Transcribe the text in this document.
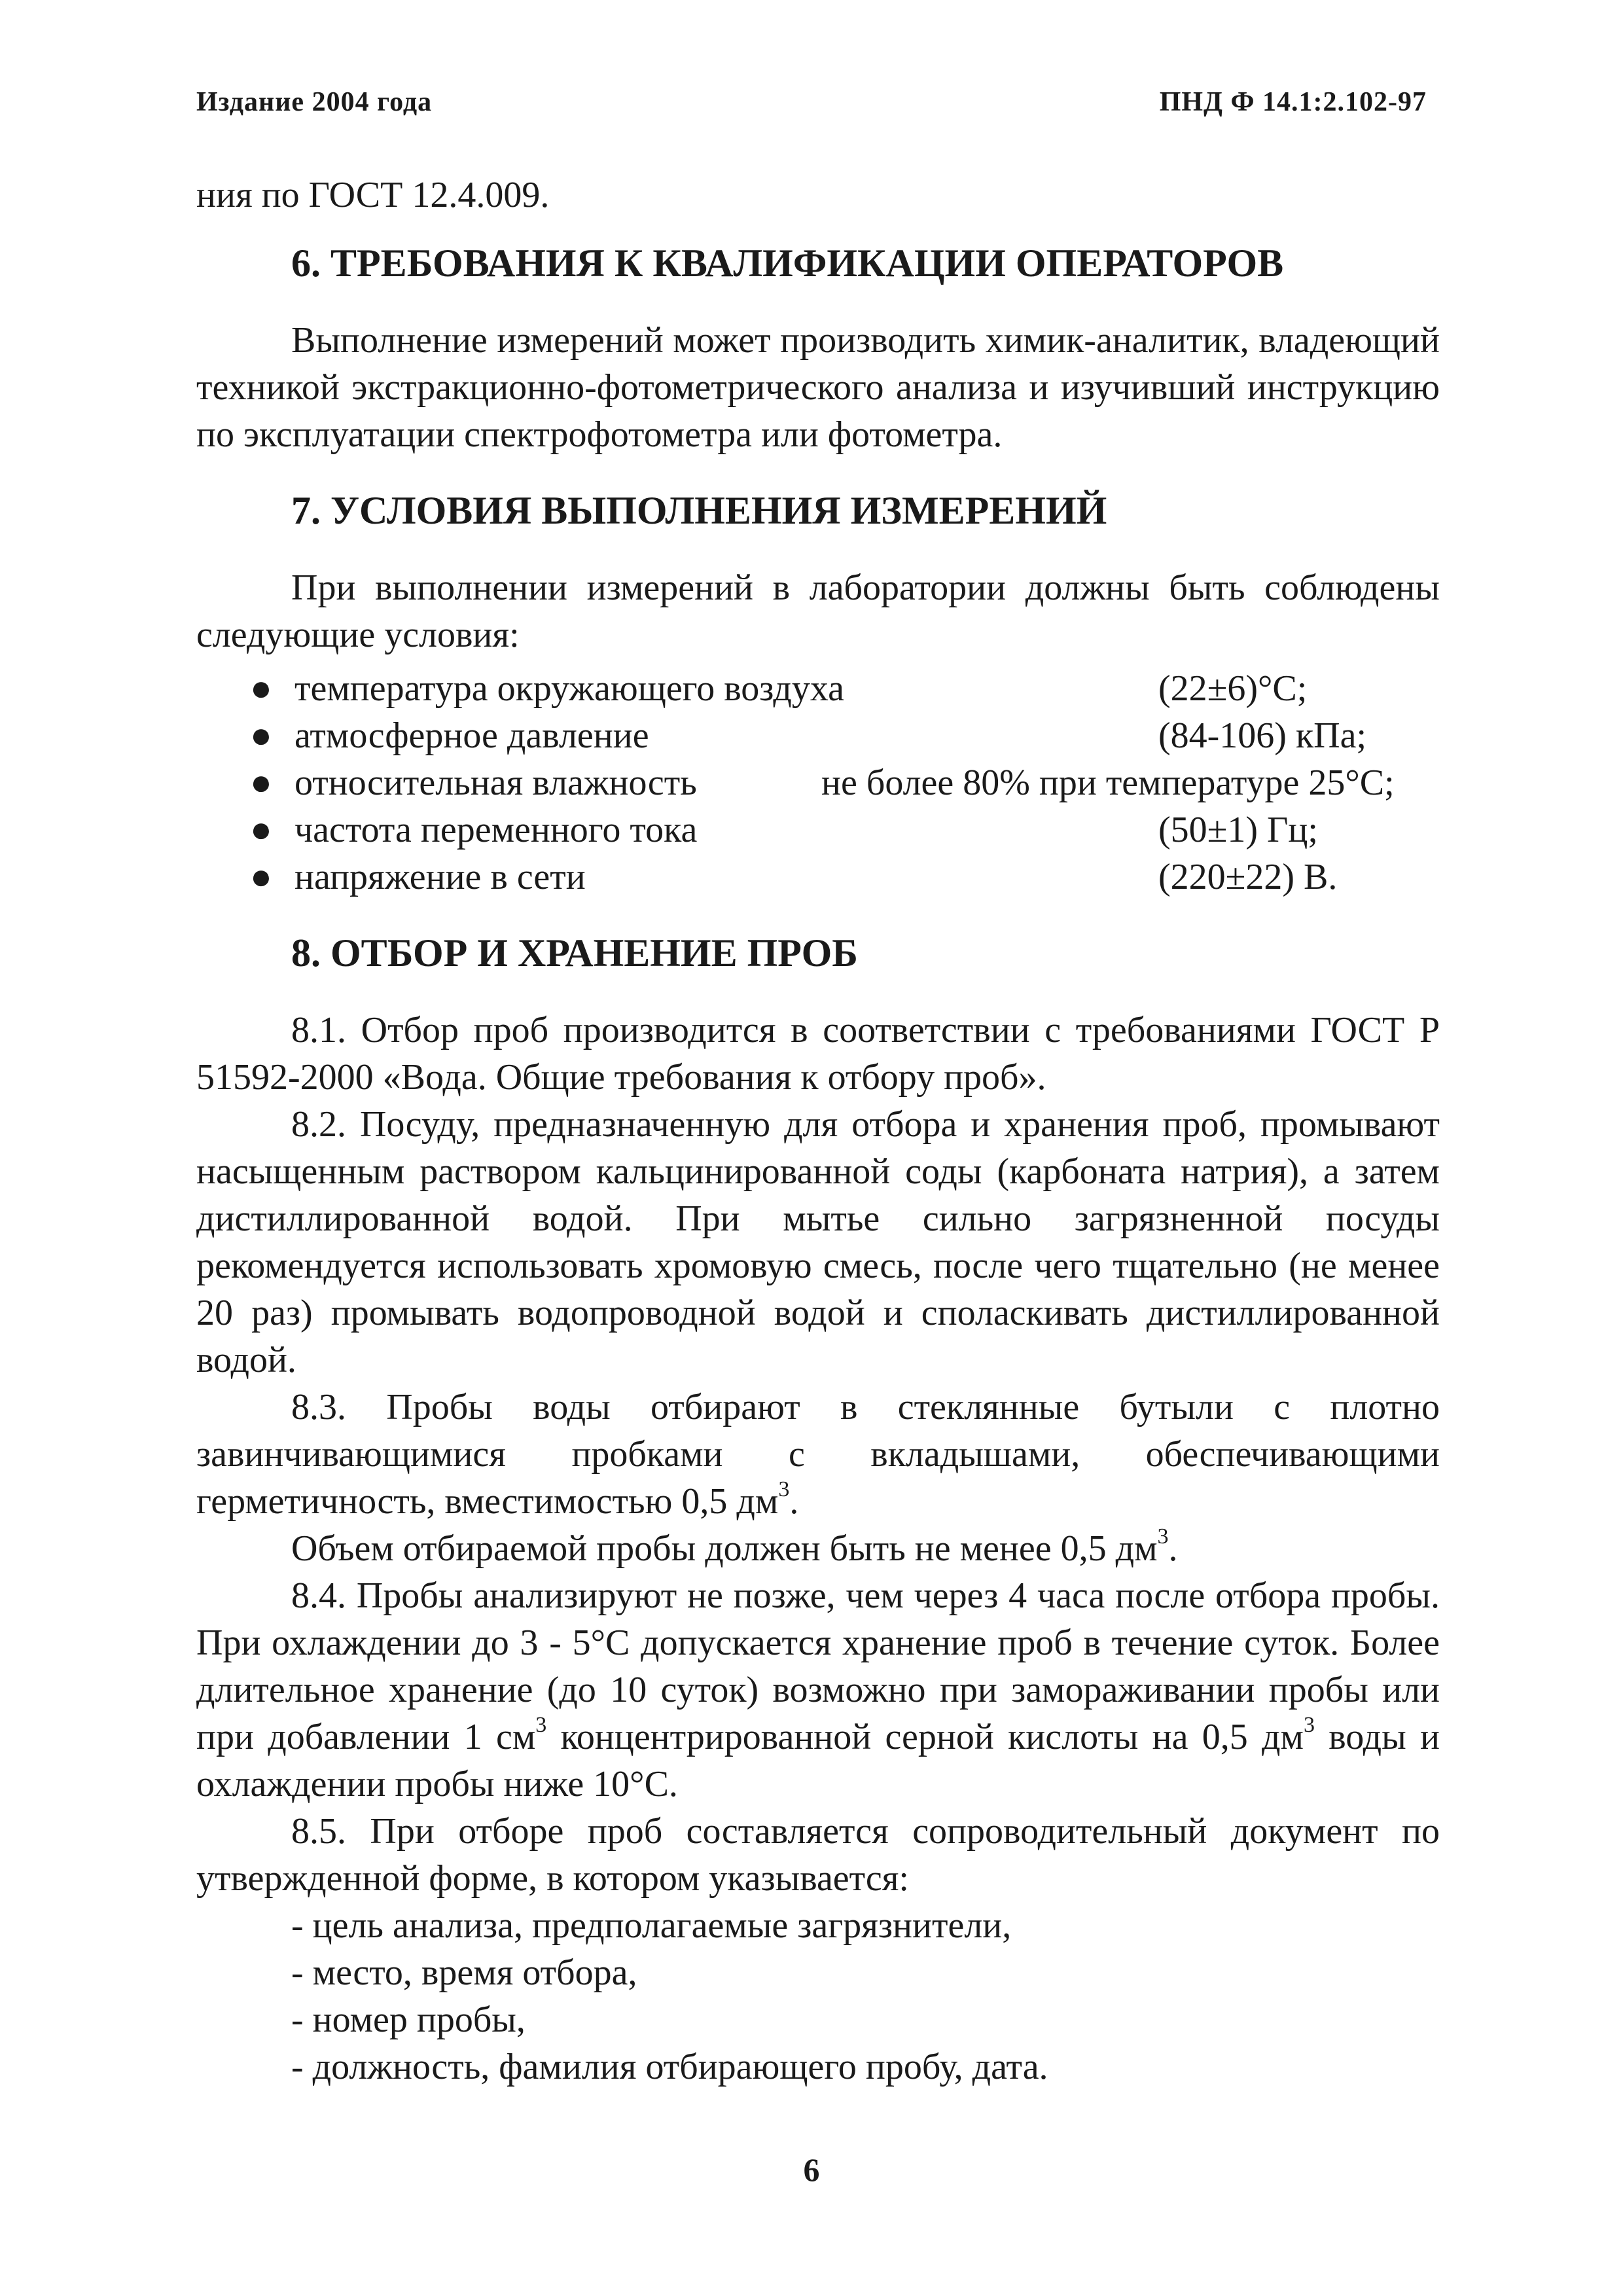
Издание 2004 года	ПНД Ф 14.1:2.102-97

ния по ГОСТ 12.4.009.

6. ТРЕБОВАНИЯ К КВАЛИФИКАЦИИ ОПЕРАТОРОВ

Выполнение измерений может производить химик-аналитик, владеющий техникой экстракционно-фотометрического анализа и изучивший инструкцию по эксплуатации спектрофотометра или фотометра.

7. УСЛОВИЯ ВЫПОЛНЕНИЯ ИЗМЕРЕНИЙ

При выполнении измерений в лаборатории должны быть соблюдены следующие условия:

● температура окружающего воздуха	(22±6)°C;
● атмосферное давление	(84-106) кПа;
● относительная влажность	не более 80% при температуре 25°C;
● частота переменного тока	(50±1) Гц;
● напряжение в сети	(220±22) В.
8. ОТБОР И ХРАНЕНИЕ ПРОБ

8.1. Отбор проб производится в соответствии с требованиями ГОСТ Р 51592-2000 «Вода. Общие требования к отбору проб».

8.2. Посуду, предназначенную для отбора и хранения проб, промывают насыщенным раствором кальцинированной соды (карбоната натрия), а затем дистиллированной водой. При мытье сильно загрязненной посуды рекомендуется использовать хромовую смесь, после чего тщательно (не менее 20 раз) промывать водопроводной водой и споласкивать дистиллированной водой.

8.3. Пробы воды отбирают в стеклянные бутыли с плотно завинчивающимися пробками с вкладышами, обеспечивающими герметичность, вместимостью 0,5 $дм^3$.

Объем отбираемой пробы должен быть не менее 0,5 $дм^3$.

8.4. Пробы анализируют не позже, чем через 4 часа после отбора пробы. При охлаждении до 3 - 5°C допускается хранение проб в течение суток. Более длительное хранение (до 10 суток) возможно при замораживании пробы или при добавлении 1 $см^3$ концентрированной серной кислоты на 0,5 $дм^3$ воды и охлаждении пробы ниже 10°C.

8.5. При отборе проб составляется сопроводительный документ по утвержденной форме, в котором указывается:

- цель анализа, предполагаемые загрязнители,
- место, время отбора,
- номер пробы,
- должность, фамилия отбирающего пробу, дата.
6
